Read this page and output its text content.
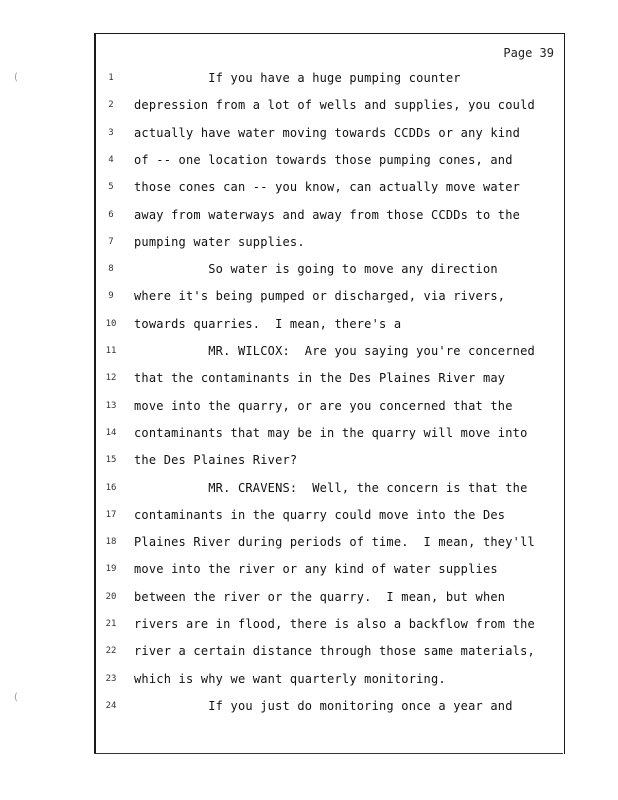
(
(
Page 39
1	If you have a huge pumping counter
2	depression from a lot of wells and supplies, you could
3	actually have water moving towards CCDDs or any kind
4	of -- one location towards those pumping cones, and
5	those cones can -- you know, can actually move water
6	away from waterways and away from those CCDDs to the
7	pumping water supplies.
8	So water is going to move any direction
9	where it's being pumped or discharged, via rivers,
10 towards quarries.  I mean, there's a
11 MR. WILCOX:  Are you saying you're concerned
12 that the contaminants in the Des Plaines River may
13 move into the quarry, or are you concerned that the
14 contaminants that may be in the quarry will move into
15 the Des Plaines River?
16 MR. CRAVENS:  Well, the concern is that the
17 contaminants in the quarry could move into the Des
18 Plaines River during periods of time.  I mean, they'll
19 move into the river or any kind of water supplies
20 between the river or the quarry.  I mean, but when
21 rivers are in flood, there is also a backflow from the
22 river a certain distance through those same materials,
23 which is why we want quarterly monitoring.
24 If you just do monitoring once a year and
